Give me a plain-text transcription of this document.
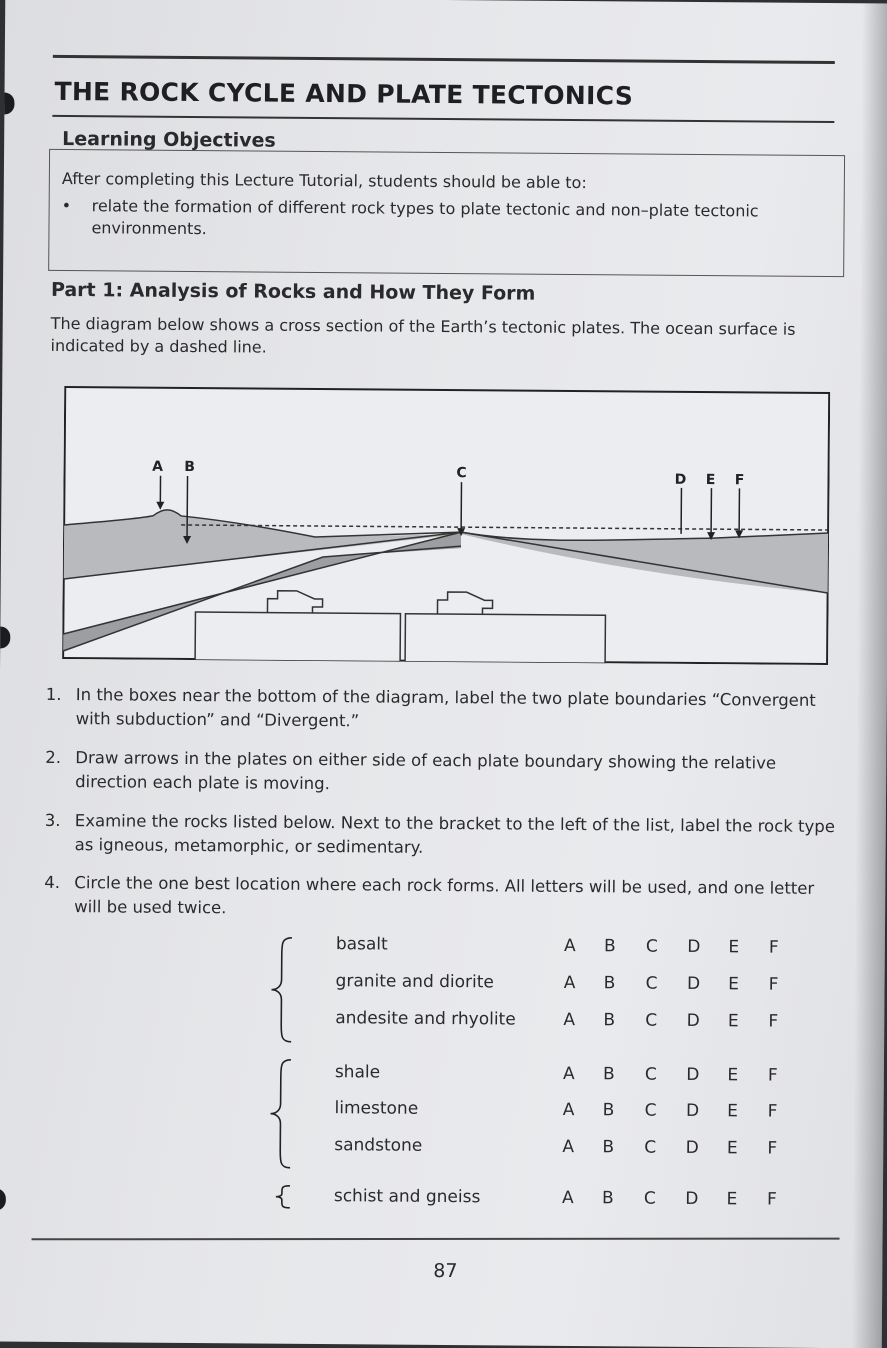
THE ROCK CYCLE AND PLATE TECTONICS
Learning Objectives
After completing this Lecture Tutorial, students should be able to:
• relate the formation of different rock types to plate tectonic and non–plate tectonic environments.
Part 1: Analysis of Rocks and How They Form
The diagram below shows a cross section of the Earth’s tectonic plates. The ocean surface is indicated by a dashed line.
A B	C	D E F
1. In the boxes near the bottom of the diagram, label the two plate boundaries “Convergent with subduction” and “Divergent.”
2. Draw arrows in the plates on either side of each plate boundary showing the relative direction each plate is moving.
3. Examine the rocks listed below. Next to the bracket to the left of the list, label the rock type as igneous, metamorphic, or sedimentary.
4. Circle the one best location where each rock forms. All letters will be used, and one letter will be used twice.
basalt	A B C D E	F
granite and diorite	A B C D E	F
andesite and rhyolite	A B C D E	F
shale	A B C D E	F
limestone	A B C D E	F
sandstone	A B C D E	F
schist and gneiss	A B C D E	F
87
